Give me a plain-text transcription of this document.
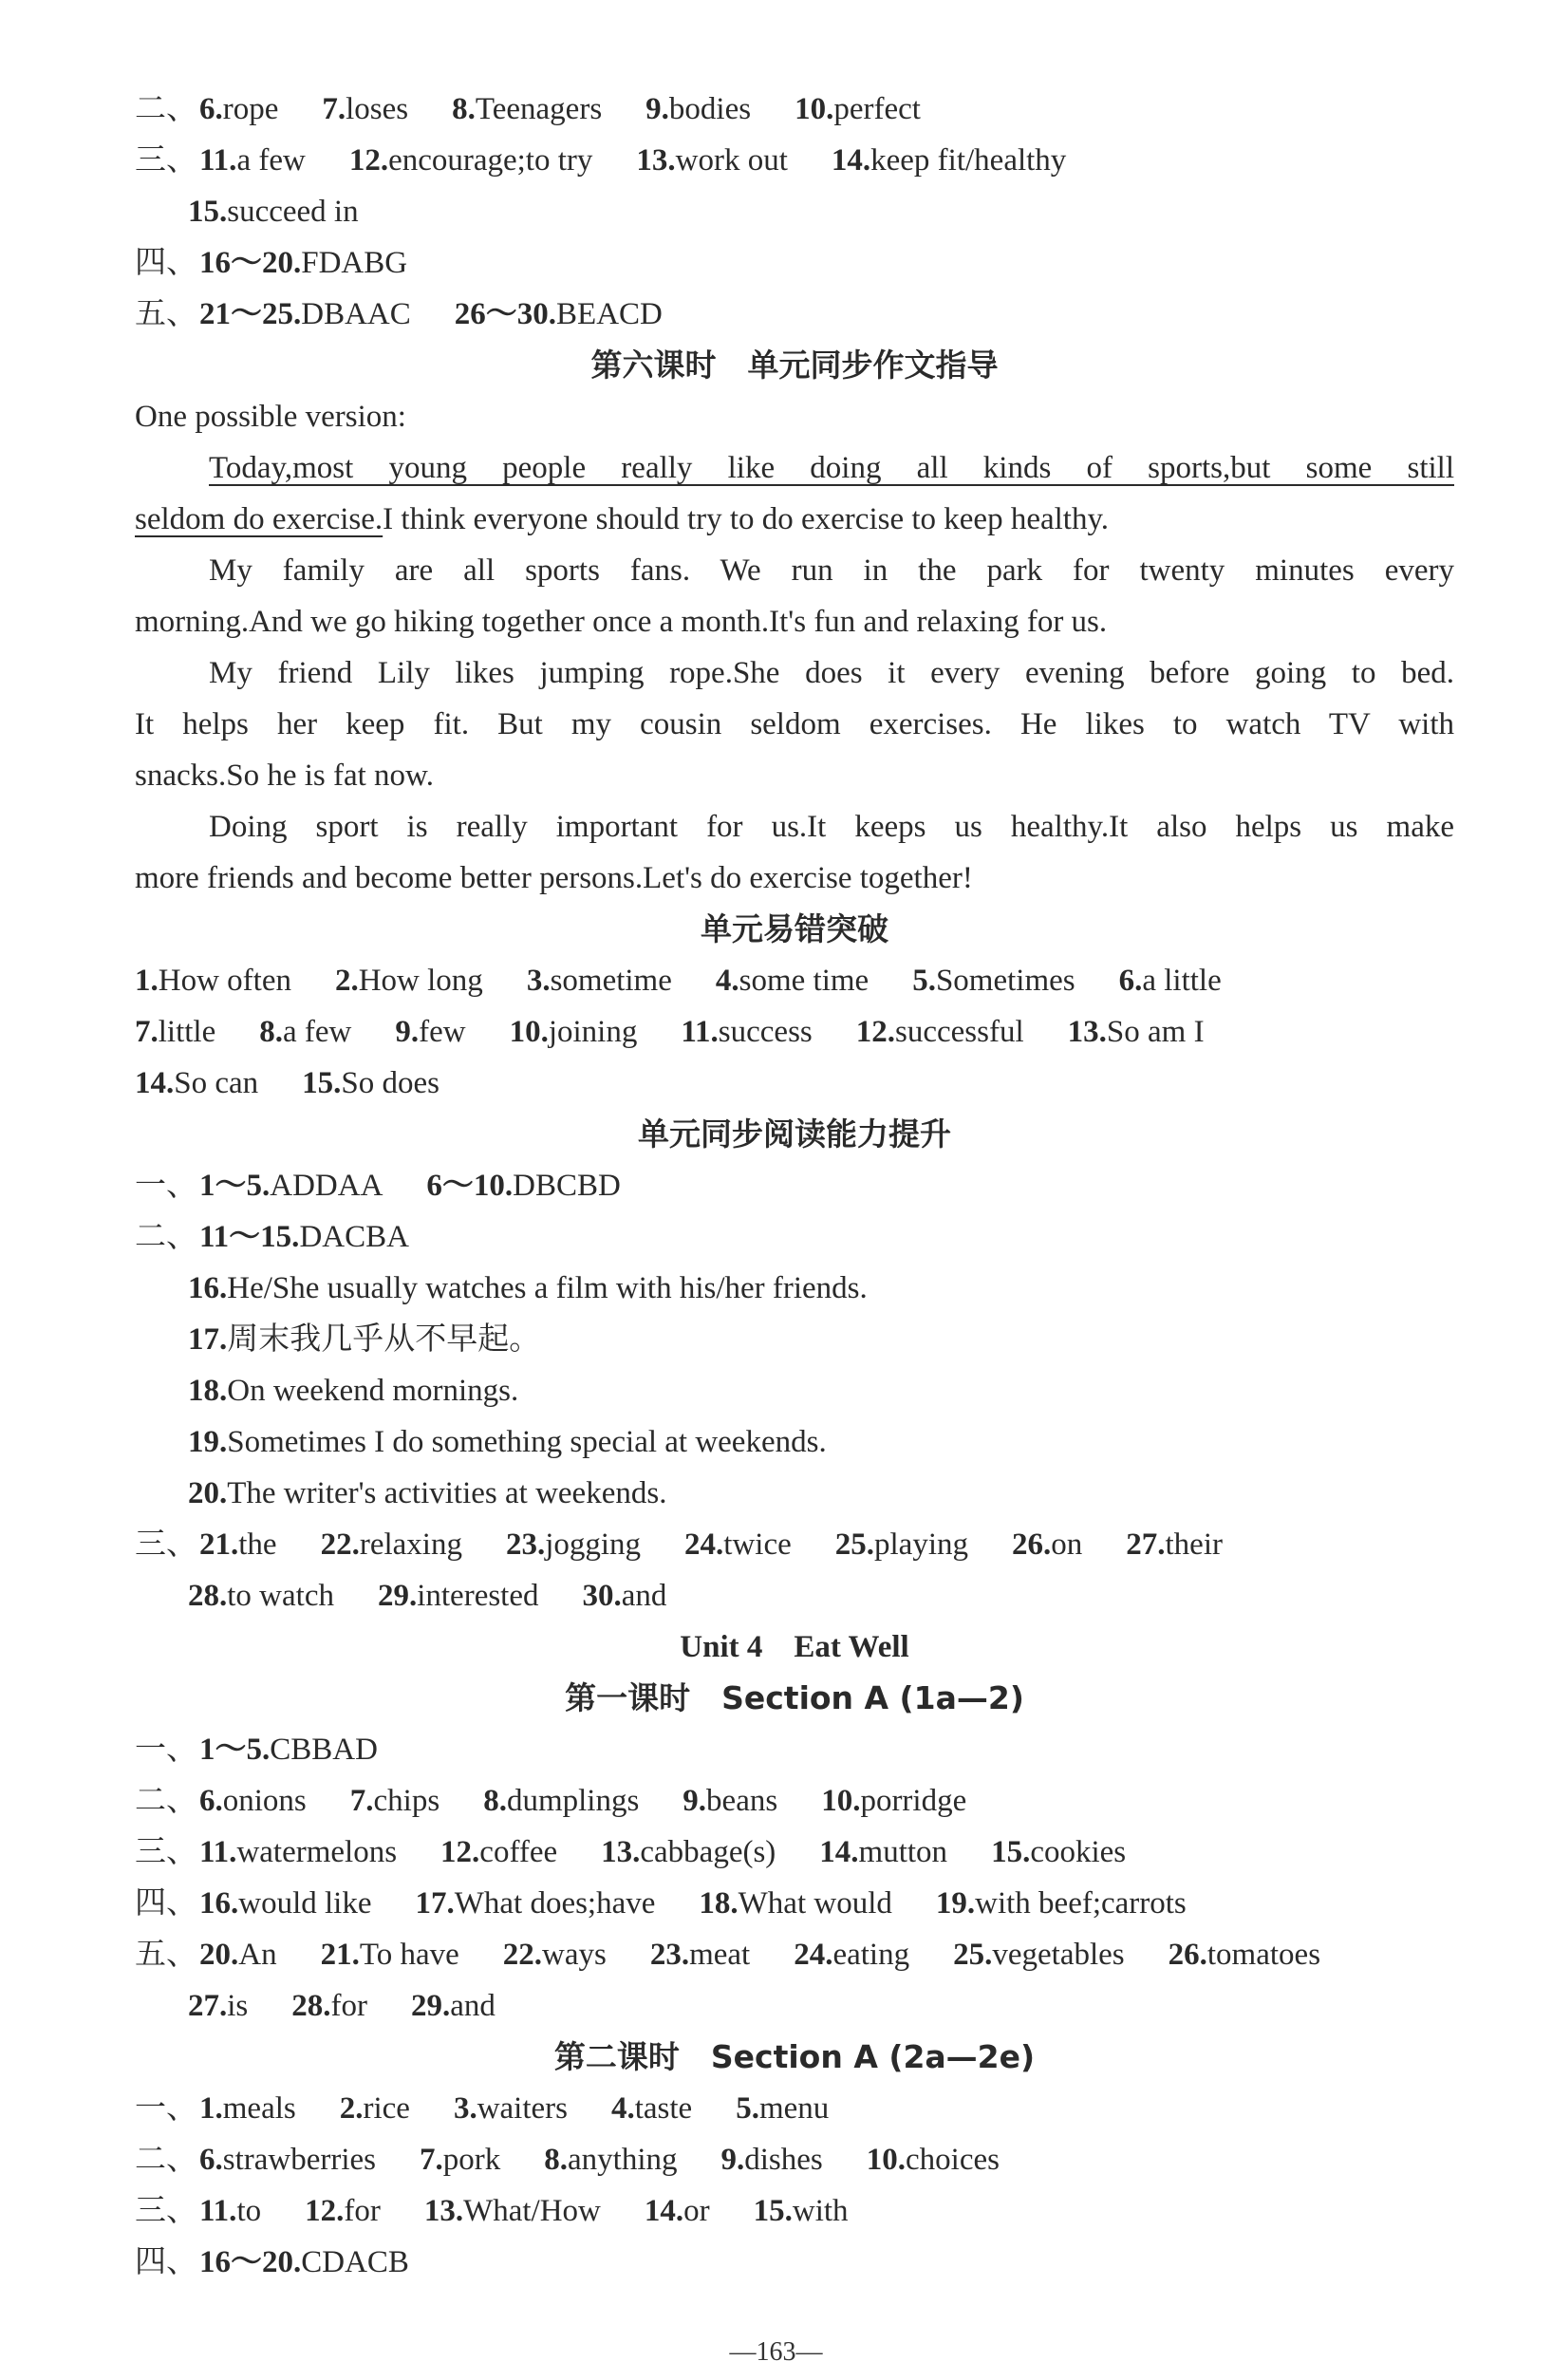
二、6.rope 7.loses 8.Teenagers 9.bodies 10.perfect
三、11.a few 12.encourage;to try 13.work out 14.keep fit/healthy
15.succeed in
四、16～20.FDABG
五、21～25.DBAAC 26～30.BEACD
第六课时　单元同步作文指导
One possible version:
Today,most young people really like doing all kinds of sports,but some still
seldom do exercise.I think everyone should try to do exercise to keep healthy.
My family are all sports fans. We run in the park for twenty minutes every
morning.And we go hiking together once a month.It's fun and relaxing for us.
My friend Lily likes jumping rope.She does it every evening before going to bed.
It helps her keep fit. But my cousin seldom exercises. He likes to watch TV with
snacks.So he is fat now.
Doing sport is really important for us.It keeps us healthy.It also helps us make
more friends and become better persons.Let's do exercise together!
单元易错突破
1.How often 2.How long 3.sometime 4.some time 5.Sometimes 6.a little
7.little 8.a few 9.few 10.joining 11.success 12.successful 13.So am I
14.So can 15.So does
单元同步阅读能力提升
一、1～5.ADDAA 6～10.DBCBD
二、11～15.DACBA
16.He/She usually watches a film with his/her friends.
17.周末我几乎从不早起。
18.On weekend mornings.
19.Sometimes I do something special at weekends.
20.The writer's activities at weekends.
三、21.the 22.relaxing 23.jogging 24.twice 25.playing 26.on 27.their
28.to watch 29.interested 30.and
Unit 4　Eat Well
第一课时　Section A (1a—2)
一、1～5.CBBAD
二、6.onions 7.chips 8.dumplings 9.beans 10.porridge
三、11.watermelons 12.coffee 13.cabbage(s) 14.mutton 15.cookies
四、16.would like 17.What does;have 18.What would 19.with beef;carrots
五、20.An 21.To have 22.ways 23.meat 24.eating 25.vegetables 26.tomatoes
27.is 28.for 29.and
第二课时　Section A (2a—2e)
一、1.meals 2.rice 3.waiters 4.taste 5.menu
二、6.strawberries 7.pork 8.anything 9.dishes 10.choices
三、11.to 12.for 13.What/How 14.or 15.with
四、16～20.CDACB
—163—
